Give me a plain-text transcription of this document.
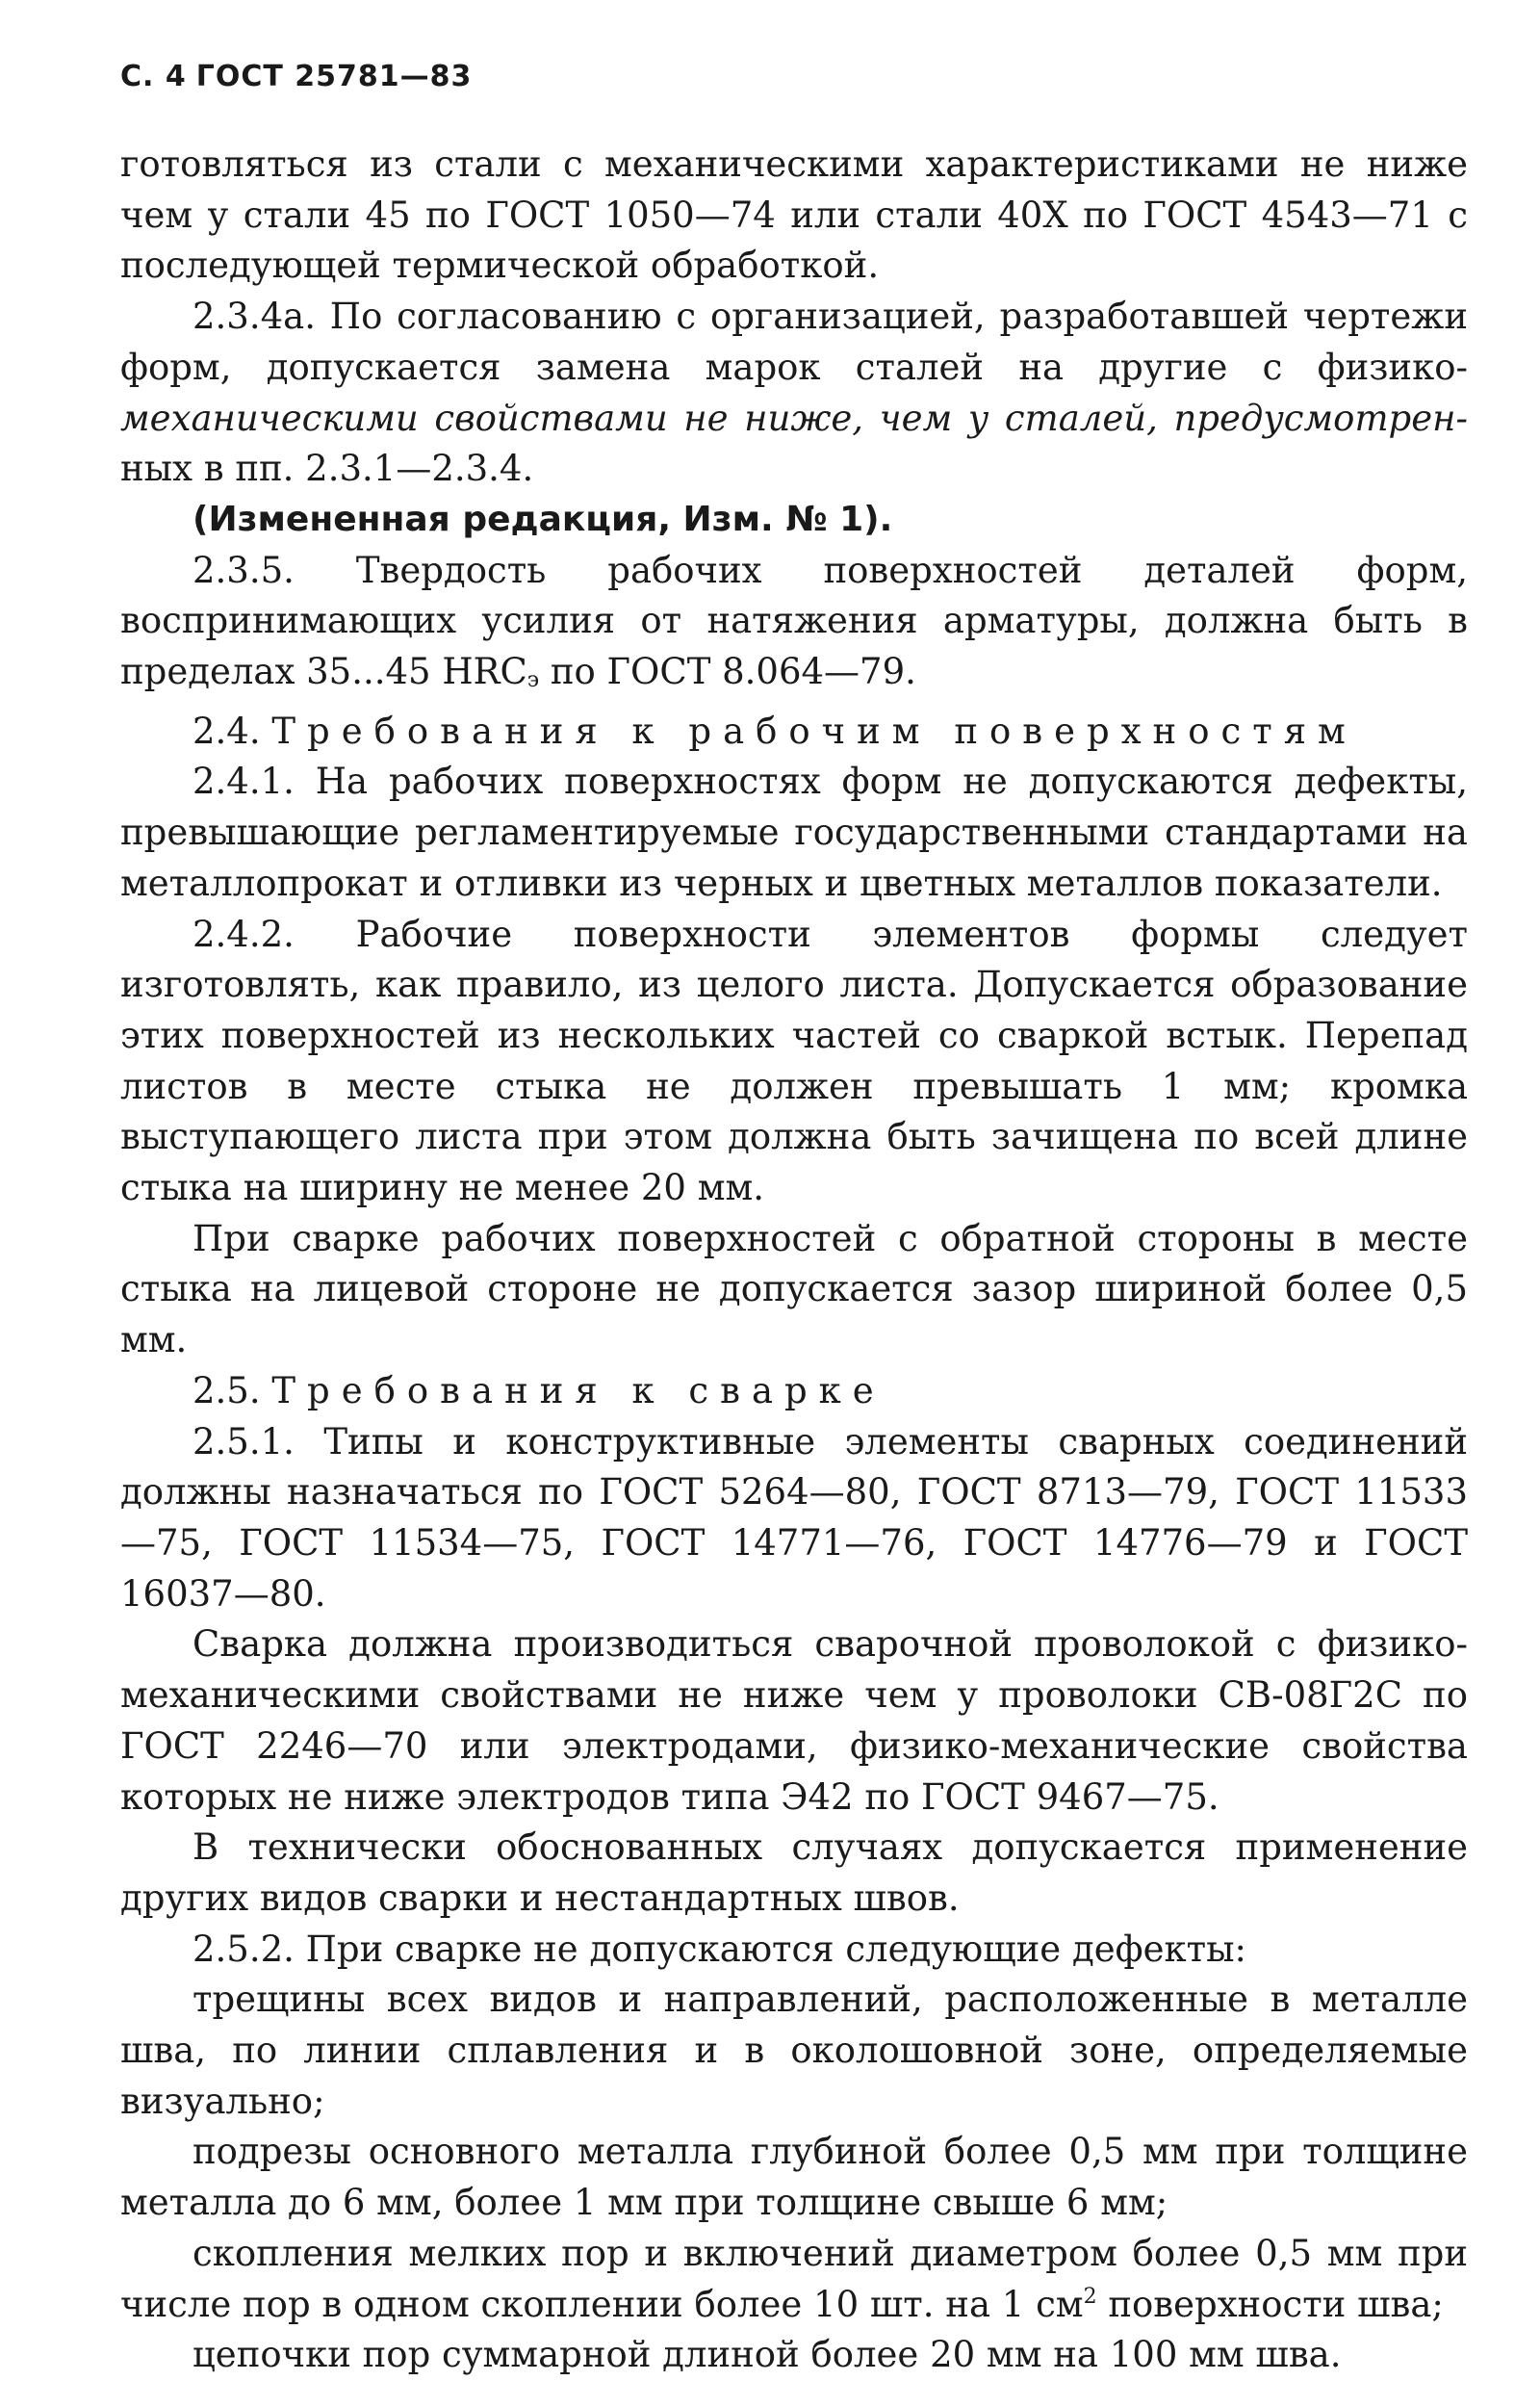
С. 4 ГОСТ 25781—83

готовляться из стали с механическими характеристиками не ниже чем у стали 45 по ГОСТ 1050—74 или стали 40Х по ГОСТ 4543—71 с последующей термической обработкой.

2.3.4а. По согласованию с организацией, разработавшей чертежи форм, допускается замена марок сталей на другие с физико- механическими свойствами не ниже, чем у сталей, предусмотрен- ных в пп. 2.3.1—2.3.4.

(Измененная редакция, Изм. № 1).

2.3.5. Твердость рабочих поверхностей деталей форм, воспринимающих усилия от натяжения арматуры, должна быть в пределах 35...45 $HRC_э$ по ГОСТ 8.064—79.

2.4. Требования к рабочим поверхностям

2.4.1. На рабочих поверхностях форм не допускаются дефекты, превышающие регламентируемые государственными стандартами на металлопрокат и отливки из черных и цветных металлов показатели.

2.4.2. Рабочие поверхности элементов формы следует изготовлять, как правило, из целого листа. Допускается образование этих поверхностей из нескольких частей со сваркой встык. Перепад листов в месте стыка не должен превышать 1 мм; кромка выступающего листа при этом должна быть зачищена по всей длине стыка на ширину не менее 20 мм.

При сварке рабочих поверхностей с обратной стороны в месте стыка на лицевой стороне не допускается зазор шириной более 0,5 мм.

2.5. Требования к сварке

2.5.1. Типы и конструктивные элементы сварных соединений должны назначаться по ГОСТ 5264—80, ГОСТ 8713—79, ГОСТ 11533—75, ГОСТ 11534—75, ГОСТ 14771—76, ГОСТ 14776—79 и ГОСТ 16037—80.

Сварка должна производиться сварочной проволокой с физико-механическими свойствами не ниже чем у проволоки СВ-08Г2С по ГОСТ 2246—70 или электродами, физико-механические свойства которых не ниже электродов типа Э42 по ГОСТ 9467—75.

В технически обоснованных случаях допускается применение других видов сварки и нестандартных швов.

2.5.2. При сварке не допускаются следующие дефекты:

трещины всех видов и направлений, расположенные в металле шва, по линии сплавления и в околошовной зоне, определяемые визуально;

подрезы основного металла глубиной более 0,5 мм при толщине металла до 6 мм, более 1 мм при толщине свыше 6 мм;

скопления мелких пор и включений диаметром более 0,5 мм при числе пор в одном скоплении более 10 шт. на 1 $см^2$ поверхности шва;

цепочки пор суммарной длиной более 20 мм на 100 мм шва.
